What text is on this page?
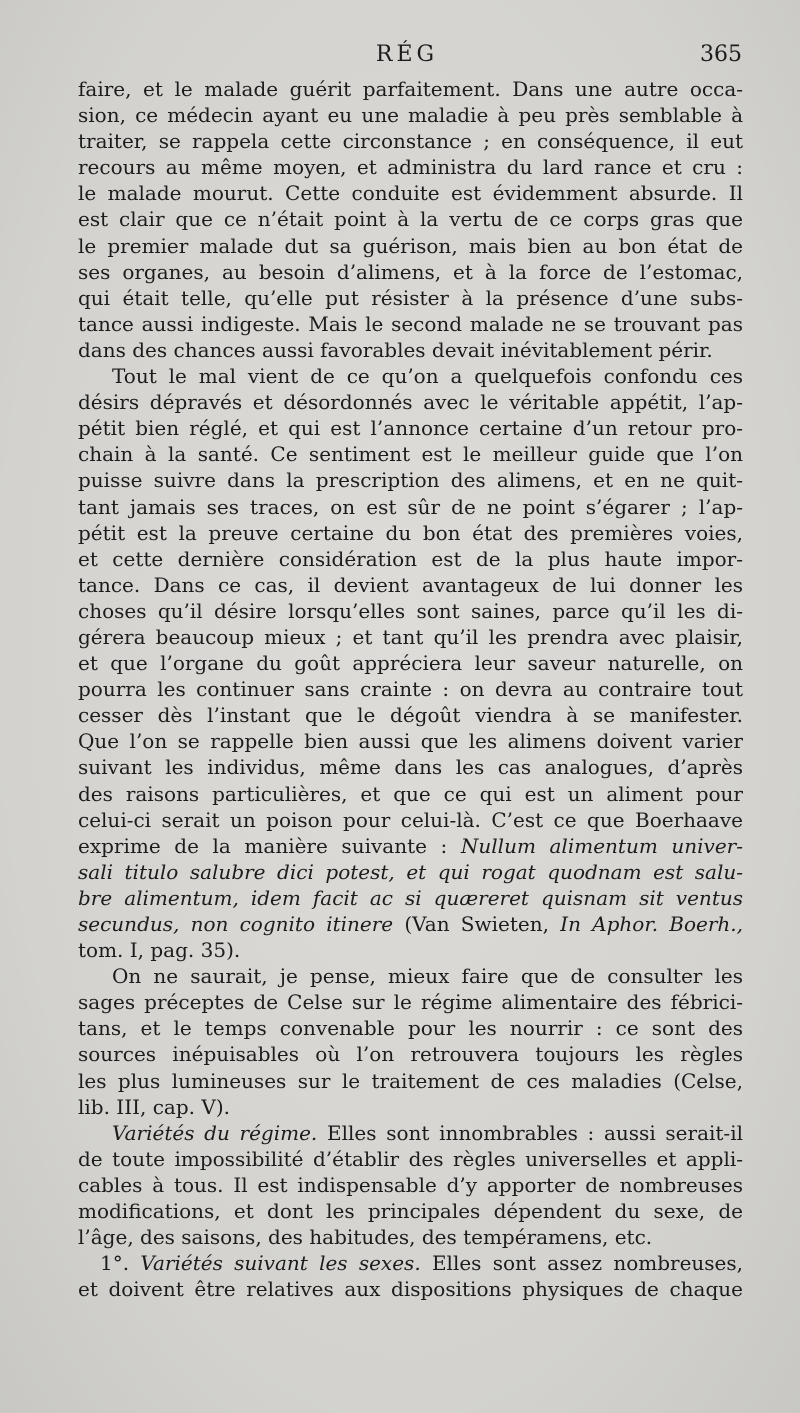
RÉG	365
faire, et le malade guérit parfaitement. Dans une autre occa-
sion, ce médecin ayant eu une maladie à peu près semblable à
traiter, se rappela cette circonstance ; en conséquence, il eut
recours au même moyen, et administra du lard rance et cru :
le malade mourut. Cette conduite est évidemment absurde. Il
est clair que ce n’était point à la vertu de ce corps gras que
le premier malade dut sa guérison, mais bien au bon état de
ses organes, au besoin d’alimens, et à la force de l’estomac,
qui était telle, qu’elle put résister à la présence d’une subs-
tance aussi indigeste. Mais le second malade ne se trouvant pas
dans des chances aussi favorables devait inévitablement périr.
Tout le mal vient de ce qu’on a quelquefois confondu ces
désirs dépravés et désordonnés avec le véritable appétit, l’ap-
pétit bien réglé, et qui est l’annonce certaine d’un retour pro-
chain à la santé. Ce sentiment est le meilleur guide que l’on
puisse suivre dans la prescription des alimens, et en ne quit-
tant jamais ses traces, on est sûr de ne point s’égarer ; l’ap-
pétit est la preuve certaine du bon état des premières voies,
et cette dernière considération est de la plus haute impor-
tance. Dans ce cas, il devient avantageux de lui donner les
choses qu’il désire lorsqu’elles sont saines, parce qu’il les di-
gérera beaucoup mieux ; et tant qu’il les prendra avec plaisir,
et que l’organe du goût appréciera leur saveur naturelle, on
pourra les continuer sans crainte : on devra au contraire tout
cesser dès l’instant que le dégoût viendra à se manifester.
Que l’on se rappelle bien aussi que les alimens doivent varier
suivant les individus, même dans les cas analogues, d’après
des raisons particulières, et que ce qui est un aliment pour
celui-ci serait un poison pour celui-là. C’est ce que Boerhaave
exprime de la manière suivante : Nullum alimentum univer-
sali titulo salubre dici potest, et qui rogat quodnam est salu-
bre alimentum, idem facit ac si quæreret quisnam sit ventus
secundus, non cognito itinere (Van Swieten, In Aphor. Boerh.,
tom. I, pag. 35).
On ne saurait, je pense, mieux faire que de consulter les
sages préceptes de Celse sur le régime alimentaire des fébrici-
tans, et le temps convenable pour les nourrir : ce sont des
sources inépuisables où l’on retrouvera toujours les règles
les plus lumineuses sur le traitement de ces maladies (Celse,
lib. III, cap. V).
Variétés du régime. Elles sont innombrables : aussi serait-il
de toute impossibilité d’établir des règles universelles et appli-
cables à tous. Il est indispensable d’y apporter de nombreuses
modifications, et dont les principales dépendent du sexe, de
l’âge, des saisons, des habitudes, des tempéramens, etc.
1°. Variétés suivant les sexes. Elles sont assez nombreuses,
et doivent être relatives aux dispositions physiques de chaque
